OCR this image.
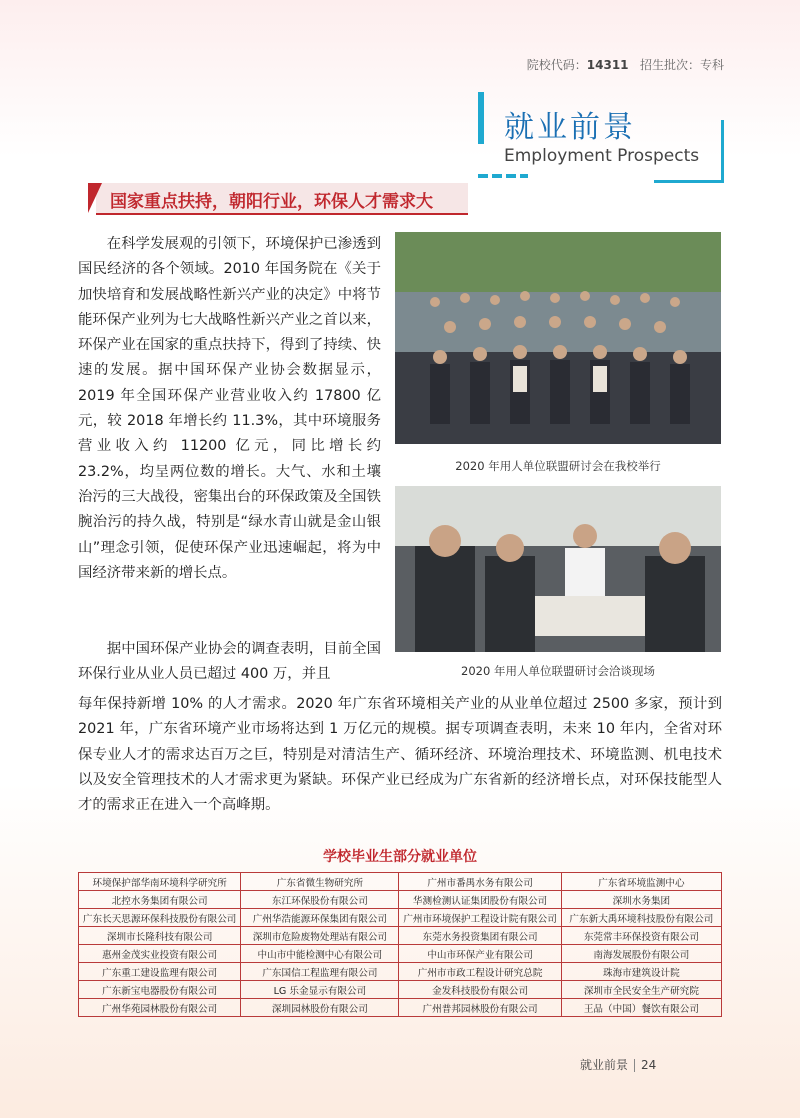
院校代码：14311 招生批次：专科
就业前景
Employment Prospects
国家重点扶持，朝阳行业，环保人才需求大
在科学发展观的引领下，环境保护已渗透到国民经济的各个领域。2010 年国务院在《关于加快培育和发展战略性新兴产业的决定》中将节能环保产业列为七大战略性新兴产业之首以来，环保产业在国家的重点扶持下，得到了持续、快速的发展。据中国环保产业协会数据显示，2019 年全国环保产业营业收入约 17800 亿元，较 2018 年增长约 11.3%，其中环境服务营业收入约 11200 亿元，同比增长约 23.2%，均呈两位数的增长。大气、水和土壤治污的三大战役，密集出台的环保政策及全国铁腕治污的持久战，特别是“绿水青山就是金山银山”理念引领，促使环保产业迅速崛起，将为中国经济带来新的增长点。
据中国环保产业协会的调查表明，目前全国环保行业从业人员已超过 400 万，并且
每年保持新增 10% 的人才需求。2020 年广东省环境相关产业的从业单位超过 2500 多家，预计到 2021 年，广东省环境产业市场将达到 1 万亿元的规模。据专项调查表明，未来 10 年内，全省对环保专业人才的需求达百万之巨，特别是对清洁生产、循环经济、环境治理技术、环境监测、机电技术以及安全管理技术的人才需求更为紧缺。环保产业已经成为广东省新的经济增长点，对环保技能型人才的需求正在进入一个高峰期。
2020 年用人单位联盟研讨会在我校举行
2020 年用人单位联盟研讨会洽谈现场
学校毕业生部分就业单位
环境保护部华南环境科学研究所	广东省微生物研究所	广州市番禺水务有限公司	广东省环境监测中心
北控水务集团有限公司	东江环保股份有限公司	华测检测认证集团股份有限公司	深圳水务集团
广东长天思源环保科技股份有限公司	广州华浩能源环保集团有限公司	广州市环境保护工程设计院有限公司	广东新大禹环境科技股份有限公司
深圳市长隆科技有限公司	深圳市危险废物处理站有限公司	东莞水务投资集团有限公司	东莞常丰环保投资有限公司
惠州金茂实业投资有限公司	中山市中能检测中心有限公司	中山市环保产业有限公司	南海发展股份有限公司
广东重工建设监理有限公司	广东国信工程监理有限公司	广州市市政工程设计研究总院	珠海市建筑设计院
广东新宝电器股份有限公司	LG 乐金显示有限公司	金发科技股份有限公司	深圳市全民安全生产研究院
广州华苑园林股份有限公司	深圳园林股份有限公司	广州普邦园林股份有限公司	王品（中国）餐饮有限公司
就业前景 24
